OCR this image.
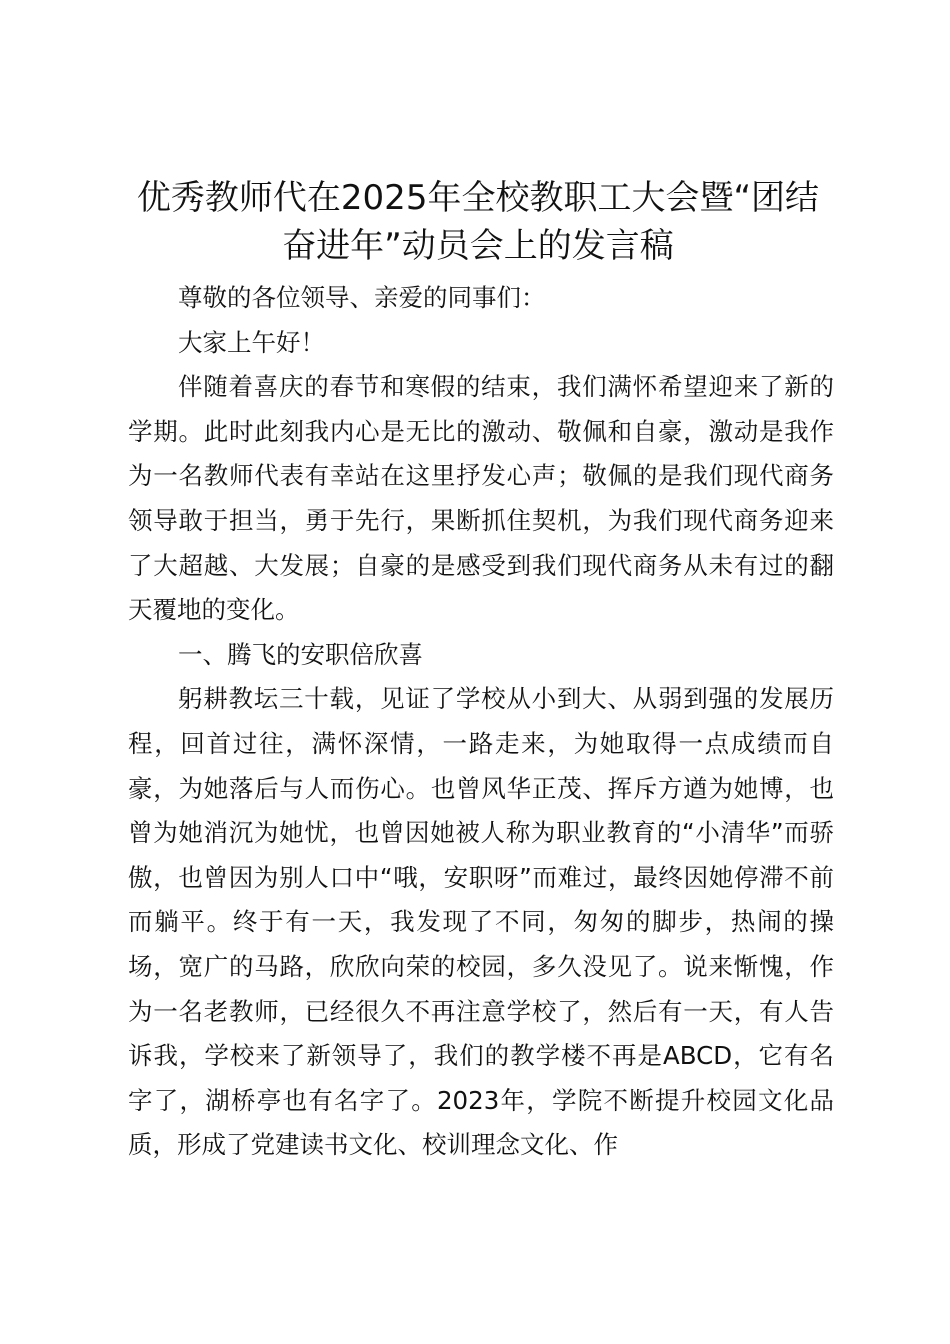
优秀教师代在2025年全校教职工大会暨“团结奋进年”动员会上的发言稿

尊敬的各位领导、亲爱的同事们：

大家上午好！

伴随着喜庆的春节和寒假的结束，我们满怀希望迎来了新的学期。此时此刻我内心是无比的激动、敬佩和自豪，激动是我作为一名教师代表有幸站在这里抒发心声；敬佩的是我们现代商务领导敢于担当，勇于先行，果断抓住契机，为我们现代商务迎来了大超越、大发展；自豪的是感受到我们现代商务从未有过的翻天覆地的变化。

一、腾飞的安职倍欣喜

躬耕教坛三十载，见证了学校从小到大、从弱到强的发展历程，回首过往，满怀深情，一路走来，为她取得一点成绩而自豪，为她落后与人而伤心。也曾风华正茂、挥斥方遒为她博，也曾为她消沉为她忧，也曾因她被人称为职业教育的“小清华”而骄傲，也曾因为别人口中“哦，安职呀”而难过，最终因她停滞不前而躺平。终于有一天，我发现了不同，匆匆的脚步，热闹的操场，宽广的马路，欣欣向荣的校园，多久没见了。说来惭愧，作为一名老教师，已经很久不再注意学校了，然后有一天，有人告诉我，学校来了新领导了，我们的教学楼不再是ABCD，它有名字了，湖桥亭也有名字了。2023年，学院不断提升校园文化品质，形成了党建读书文化、校训理念文化、作
